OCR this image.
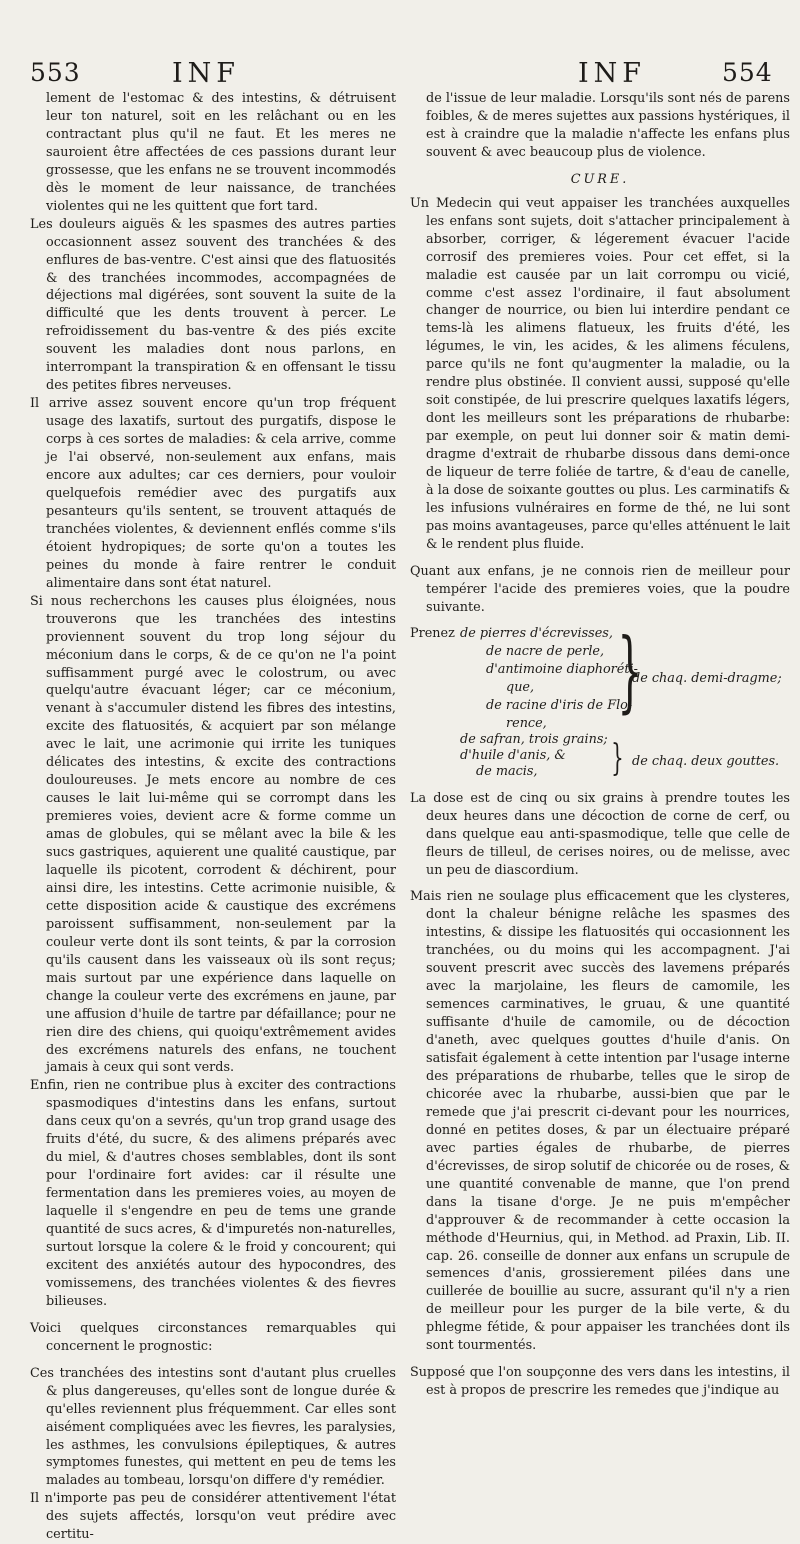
553	INF	INF	554

lement de l'estomac & des intestins, & détruisent leur ton naturel, soit en les relâchant ou en les contractant plus qu'il ne faut. Et les meres ne sauroient être affectées de ces passions durant leur grossesse, que les enfans ne se trouvent incommodés dès le moment de leur naissance, de tranchées violentes qui ne les quittent que fort tard.

Les douleurs aiguës & les spasmes des autres parties occasionnent assez souvent des tranchées & des enflures de bas-ventre. C'est ainsi que des flatuosités & des tranchées incommodes, accompagnées de déjections mal digérées, sont souvent la suite de la difficulté que les dents trouvent à percer. Le refroidissement du bas-ventre & des piés excite souvent les maladies dont nous parlons, en interrompant la transpiration & en offensant le tissu des petites fibres nerveuses.

Il arrive assez souvent encore qu'un trop fréquent usage des laxatifs, surtout des purgatifs, dispose le corps à ces sortes de maladies: & cela arrive, comme je l'ai observé, non-seulement aux enfans, mais encore aux adultes; car ces derniers, pour vouloir quelquefois remédier avec des purgatifs aux pesanteurs qu'ils sentent, se trouvent attaqués de tranchées violentes, & deviennent enflés comme s'ils étoient hydropiques; de sorte qu'on a toutes les peines du monde à faire rentrer le conduit alimentaire dans sont état naturel.

Si nous recherchons les causes plus éloignées, nous trouverons que les tranchées des intestins proviennent souvent du trop long séjour du méconium dans le corps, & de ce qu'on ne l'a point suffisamment purgé avec le colostrum, ou avec quelqu'autre évacuant léger; car ce méconium, venant à s'accumuler distend les fibres des intestins, excite des flatuosités, & acquiert par son mélange avec le lait, une acrimonie qui irrite les tuniques délicates des intestins, & excite des contractions douloureuses. Je mets encore au nombre de ces causes le lait lui-même qui se corrompt dans les premieres voies, devient acre & forme comme un amas de globules, qui se mêlant avec la bile & les sucs gastriques, aquierent une qualité caustique, par laquelle ils picotent, corrodent & déchirent, pour ainsi dire, les intestins. Cette acrimonie nuisible, & cette disposition acide & caustique des excrémens paroissent suffisamment, non-seulement par la couleur verte dont ils sont teints, & par la corrosion qu'ils causent dans les vaisseaux où ils sont reçus; mais surtout par une expérience dans laquelle on change la couleur verte des excrémens en jaune, par une affusion d'huile de tartre par défaillance; pour ne rien dire des chiens, qui quoiqu'extrêmement avides des excrémens naturels des enfans, ne touchent jamais à ceux qui sont verds.

Enfin, rien ne contribue plus à exciter des contractions spasmodiques d'intestins dans les enfans, surtout dans ceux qu'on a sevrés, qu'un trop grand usage des fruits d'été, du sucre, & des alimens préparés avec du miel, & d'autres choses semblables, dont ils sont pour l'ordinaire fort avides: car il résulte une fermentation dans les premieres voies, au moyen de laquelle il s'engendre en peu de tems une grande quantité de sucs acres, & d'impuretés non-naturelles, surtout lorsque la colere & le froid y concourent; qui excitent des anxiétés autour des hypocondres, des vomissemens, des tranchées violentes & des fievres bilieuses.

Voici quelques circonstances remarquables qui concernent le prognostic:

Ces tranchées des intestins sont d'autant plus cruelles & plus dangereuses, qu'elles sont de longue durée & qu'elles reviennent plus fréquemment. Car elles sont aisément compliquées avec les fievres, les paralysies, les asthmes, les convulsions épileptiques, & autres symptomes funestes, qui mettent en peu de tems les malades au tombeau, lorsqu'on differe d'y remédier.

Il n'importe pas peu de considérer attentivement l'état des sujets affectés, lorsqu'on veut prédire avec certitu-

de l'issue de leur maladie. Lorsqu'ils sont nés de parens foibles, & de meres sujettes aux passions hystériques, il est à craindre que la maladie n'affecte les enfans plus souvent & avec beaucoup plus de violence.

CURE.

Un Medecin qui veut appaiser les tranchées auxquelles les enfans sont sujets, doit s'attacher principalement à absorber, corriger, & légerement évacuer l'acide corrosif des premieres voies. Pour cet effet, si la maladie est causée par un lait corrompu ou vicié, comme c'est assez l'ordinaire, il faut absolument changer de nourrice, ou bien lui interdire pendant ce tems-là les alimens flatueux, les fruits d'été, les légumes, le vin, les acides, & les alimens féculens, parce qu'ils ne font qu'augmenter la maladie, ou la rendre plus obstinée. Il convient aussi, supposé qu'elle soit constipée, de lui prescrire quelques laxatifs légers, dont les meilleurs sont les préparations de rhubarbe: par exemple, on peut lui donner soir & matin demi-dragme d'extrait de rhubarbe dissous dans demi-once de liqueur de terre foliée de tartre, & d'eau de canelle, à la dose de soixante gouttes ou plus. Les carminatifs & les infusions vulnéraires en forme de thé, ne lui sont pas moins avantageuses, parce qu'elles atténuent le lait & le rendent plus fluide.

Quant aux enfans, je ne connois rien de meilleur pour tempérer l'acide des premieres voies, que la poudre suivante.

Prenez de pierres d'écrevisses,
de nacre de perle,
d'antimoine diaphoréti-
que,
de racine d'iris de Flo-
rence,
}
de chaq. demi-dragme;
de safran, trois grains;
d'huile d'anis, &
de macis, } de chaq. deux gouttes.

La dose est de cinq ou six grains à prendre toutes les deux heures dans une décoction de corne de cerf, ou dans quelque eau anti-spasmodique, telle que celle de fleurs de tilleul, de cerises noires, ou de melisse, avec un peu de diascordium.

Mais rien ne soulage plus efficacement que les clysteres, dont la chaleur bénigne relâche les spasmes des intestins, & dissipe les flatuosités qui occasionnent les tranchées, ou du moins qui les accompagnent. J'ai souvent prescrit avec succès des lavemens préparés avec la marjolaine, les fleurs de camomile, les semences carminatives, le gruau, & une quantité suffisante d'huile de camomile, ou de décoction d'aneth, avec quelques gouttes d'huile d'anis. On satisfait également à cette intention par l'usage interne des préparations de rhubarbe, telles que le sirop de chicorée avec la rhubarbe, aussi-bien que par le remede que j'ai prescrit ci-devant pour les nourrices, donné en petites doses, & par un électuaire préparé avec parties égales de rhubarbe, de pierres d'écrevisses, de sirop solutif de chicorée ou de roses, & une quantité convenable de manne, que l'on prend dans la tisane d'orge. Je ne puis m'empêcher d'approuver & de recommander à cette occasion la méthode d'Heurnius, qui, in Method. ad Praxin, Lib. II. cap. 26. conseille de donner aux enfans un scrupule de semences d'anis, grossierement pilées dans une cuillerée de bouillie au sucre, assurant qu'il n'y a rien de meilleur pour les purger de la bile verte, & du phlegme fétide, & pour appaiser les tranchées dont ils sont tourmentés.

Supposé que l'on soupçonne des vers dans les intestins, il est à propos de prescrire les remedes que j'indique au
